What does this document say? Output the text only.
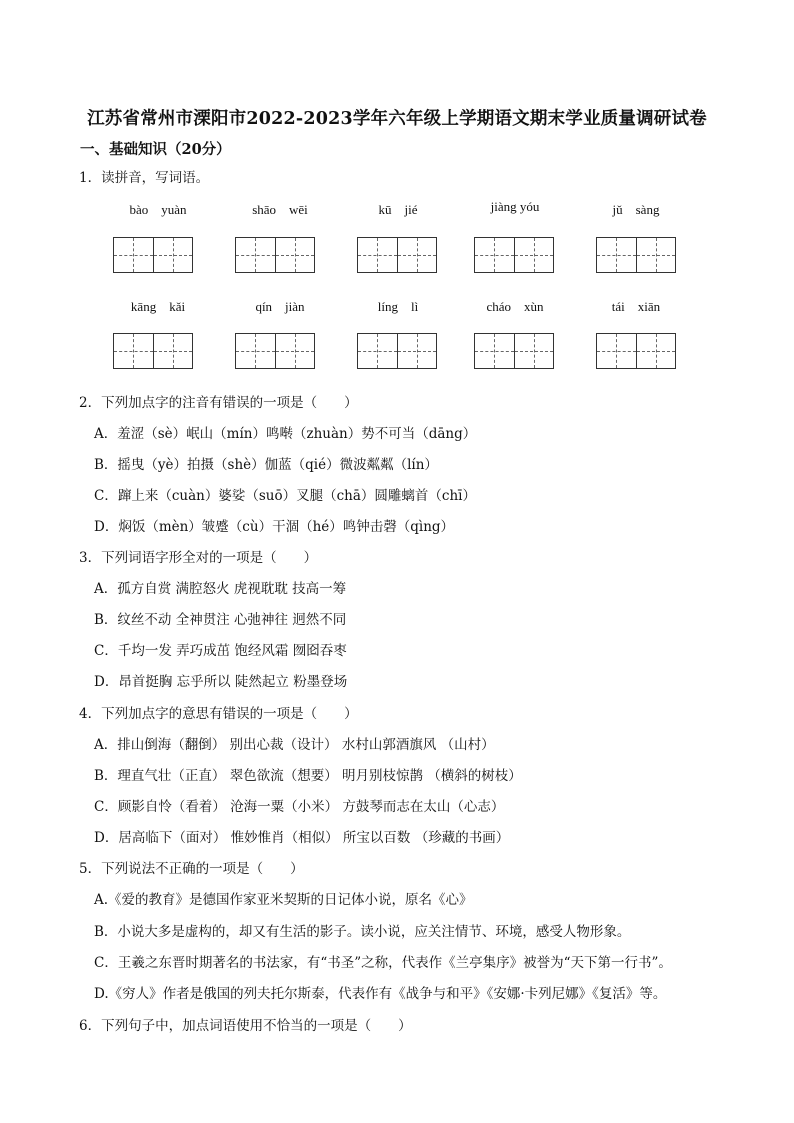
江苏省常州市溧阳市2022-2023学年六年级上学期语文期末学业质量调研试卷
一、基础知识（20分）
1．读拼音，写词语。
bào　yuàn	shāo　wēi	kū　jié	jiàng yóu	jǔ　sàng
kāng　kǎi	qín　jiàn	líng　lì	cháo　xùn	tái　xiān
2．下列加点字的注音有错误的一项是（　　）
A．羞涩（sè）岷山（mín）鸣啭（zhuàn）势不可当（dāng）
B．摇曳（yè）拍摄（shè）伽蓝（qié）微波粼粼（lín）
C．蹿上来（cuàn）婆娑（suō）叉腿（chā）圆雕螭首（chī）
D．焖饭（mèn）皱蹙（cù）干涸（hé）鸣钟击磬（qìng）
3．下列词语字形全对的一项是（　　）
A．孤方自赏 满腔怒火 虎视耽耽 技高一筹
B．纹丝不动 全神贯注 心弛神往 迥然不同
C．千均一发 弄巧成茁 饱经风霜 囫囵吞枣
D．昂首挺胸 忘乎所以 陡然起立 粉墨登场
4．下列加点字的意思有错误的一项是（　　）
A．排山倒海（翻倒） 别出心裁（设计） 水村山郭酒旗风 （山村）
B．理直气壮（正直） 翠色欲流（想要） 明月别枝惊鹊 （横斜的树枝）
C．顾影自怜（看着） 沧海一粟（小米） 方鼓琴而志在太山（心志）
D．居高临下（面对） 惟妙惟肖（相似） 所宝以百数 （珍藏的书画）
5．下列说法不正确的一项是（　　）
A.《爱的教育》是德国作家亚米契斯的日记体小说，原名《心》
B．小说大多是虚构的，却又有生活的影子。读小说，应关注情节、环境，感受人物形象。
C．王羲之东晋时期著名的书法家，有“书圣”之称，代表作《兰亭集序》被誉为“天下第一行书”。
D.《穷人》作者是俄国的列夫托尔斯泰，代表作有《战争与和平》《安娜·卡列尼娜》《复活》等。
6．下列句子中，加点词语使用不恰当的一项是（　　）
